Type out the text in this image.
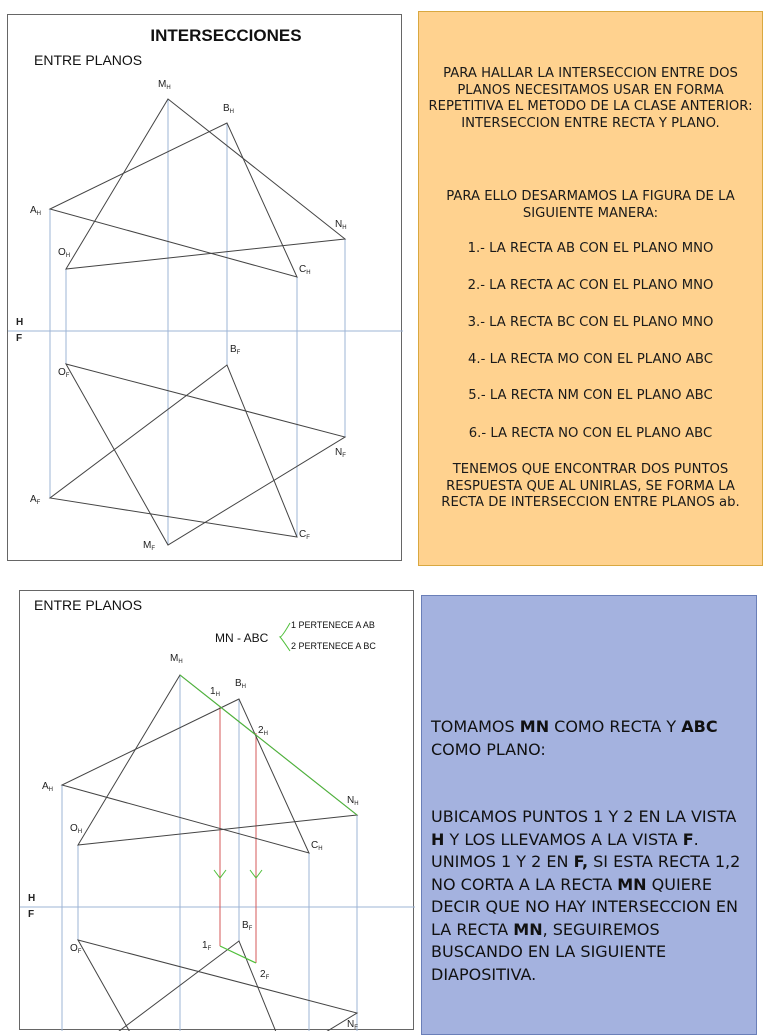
INTERSECCIONES
ENTRE PLANOS
$M_H$
$B_H$
$A_H$
$N_H$
$O_H$
$C_H$
H
F
$B_F$
$O_F$
$N_F$
$A_F$
$C_F$
$M_F$

PARA HALLAR LA INTERSECCION ENTRE DOS PLANOS NECESITAMOS USAR EN FORMA REPETITIVA EL METODO DE LA CLASE ANTERIOR:

INTERSECCION ENTRE RECTA Y PLANO.

PARA ELLO DESARMAMOS LA FIGURA DE LA SIGUIENTE MANERA:

1.- LA RECTA AB CON EL PLANO MNO

2.- LA RECTA AC CON EL PLANO MNO

3.- LA RECTA BC CON EL PLANO MNO

4.- LA RECTA MO CON EL PLANO ABC

5.- LA RECTA NM CON EL PLANO ABC

6.- LA RECTA NO CON EL PLANO ABC

TENEMOS QUE ENCONTRAR DOS PUNTOS RESPUESTA QUE AL UNIRLAS, SE FORMA LA RECTA DE INTERSECCION ENTRE PLANOS ab.

ENTRE PLANOS
MN - ABC
1 PERTENECE A AB
2 PERTENECE A BC
$M_H$
$B_H$
$1_H$
$2_H$
$A_H$
$N_H$
$O_H$
$C_H$
H
F
$B_F$
$1_F$
$2_F$
$O_F$
$N_F$

TOMAMOS MN COMO RECTA Y ABC COMO PLANO:

UBICAMOS PUNTOS 1 Y 2 EN LA VISTA H Y LOS LLEVAMOS A LA VISTA F.

UNIMOS 1 Y 2 EN F, SI ESTA RECTA 1,2 NO CORTA A LA RECTA MN QUIERE DECIR QUE NO HAY INTERSECCION EN LA RECTA MN, SEGUIREMOS BUSCANDO EN LA SIGUIENTE DIAPOSITIVA.
